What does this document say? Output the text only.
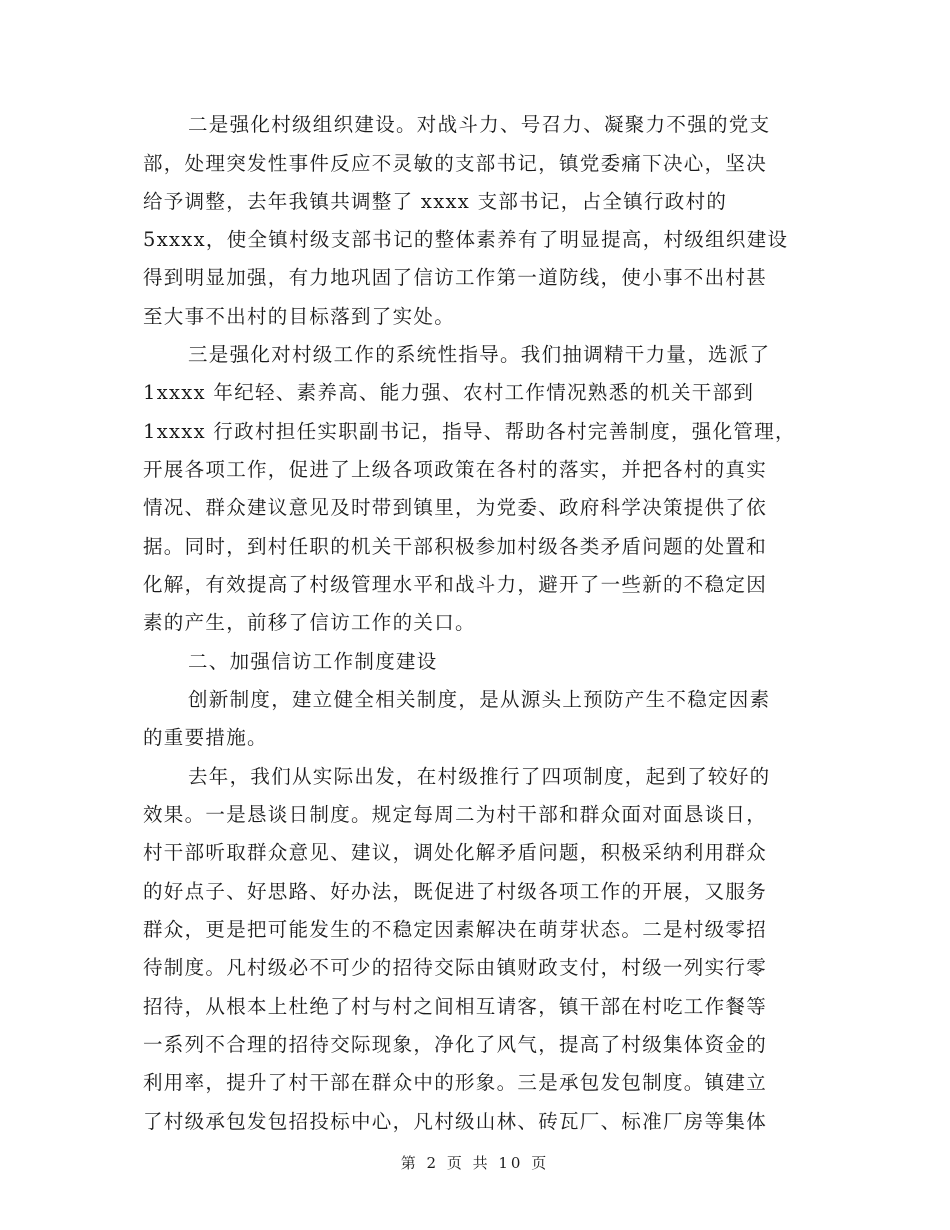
二是强化村级组织建设。对战斗力、号召力、凝聚力不强的党支
部，处理突发性事件反应不灵敏的支部书记，镇党委痛下决心，坚决
给予调整，去年我镇共调整了 xxxx 支部书记，占全镇行政村的
5xxxx，使全镇村级支部书记的整体素养有了明显提高，村级组织建设
得到明显加强，有力地巩固了信访工作第一道防线，使小事不出村甚
至大事不出村的目标落到了实处。
三是强化对村级工作的系统性指导。我们抽调精干力量，选派了
1xxxx 年纪轻、素养高、能力强、农村工作情况熟悉的机关干部到
1xxxx 行政村担任实职副书记，指导、帮助各村完善制度，强化管理，
开展各项工作，促进了上级各项政策在各村的落实，并把各村的真实
情况、群众建议意见及时带到镇里，为党委、政府科学决策提供了依
据。同时，到村任职的机关干部积极参加村级各类矛盾问题的处置和
化解，有效提高了村级管理水平和战斗力，避开了一些新的不稳定因
素的产生，前移了信访工作的关口。
二、加强信访工作制度建设
创新制度，建立健全相关制度，是从源头上预防产生不稳定因素
的重要措施。
去年，我们从实际出发，在村级推行了四项制度，起到了较好的
效果。一是恳谈日制度。规定每周二为村干部和群众面对面恳谈日，
村干部听取群众意见、建议，调处化解矛盾问题，积极采纳利用群众
的好点子、好思路、好办法，既促进了村级各项工作的开展，又服务
群众，更是把可能发生的不稳定因素解决在萌芽状态。二是村级零招
待制度。凡村级必不可少的招待交际由镇财政支付，村级一列实行零
招待，从根本上杜绝了村与村之间相互请客，镇干部在村吃工作餐等
一系列不合理的招待交际现象，净化了风气，提高了村级集体资金的
利用率，提升了村干部在群众中的形象。三是承包发包制度。镇建立
了村级承包发包招投标中心，凡村级山林、砖瓦厂、标准厂房等集体
第 2 页 共 10 页
